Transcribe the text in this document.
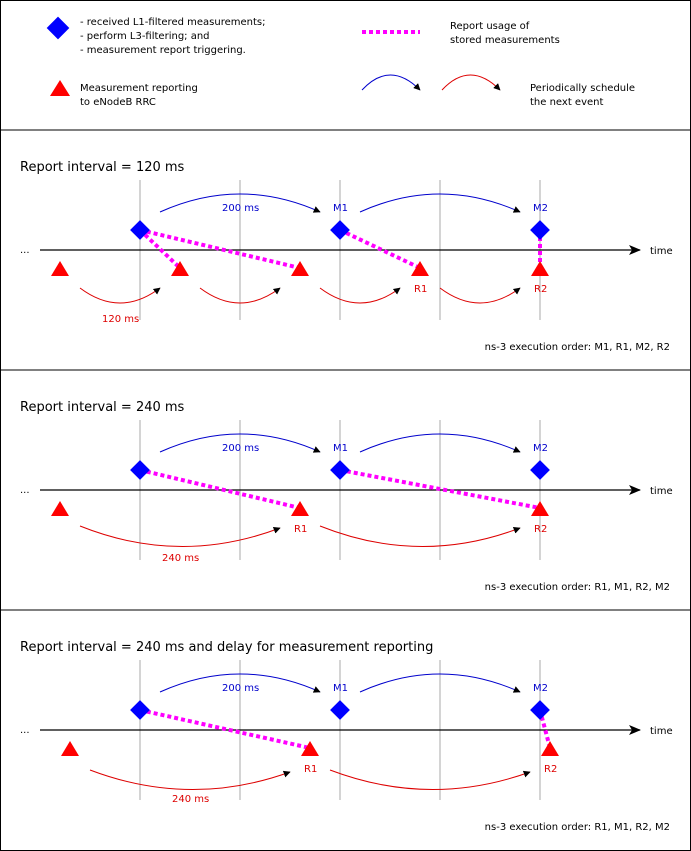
- received L1-filtered measurements;
- perform L3-filtering; and
- measurement report triggering.
Measurement reporting
to eNodeB RRC
Report usage of
stored measurements
Periodically schedule
the next event
Report interval = 120 ms
...	time
200 ms	M1	M2
120 ms
R1	R2
ns-3 execution order: M1, R1, M2, R2
Report interval = 240 ms
...	time
200 ms	M1	M2
240 ms
R1	R2
ns-3 execution order: R1, M1, R2, M2
Report interval = 240 ms and delay for measurement reporting
...	time
200 ms	M1	M2
240 ms
R1	R2
ns-3 execution order: R1, M1, R2, M2
